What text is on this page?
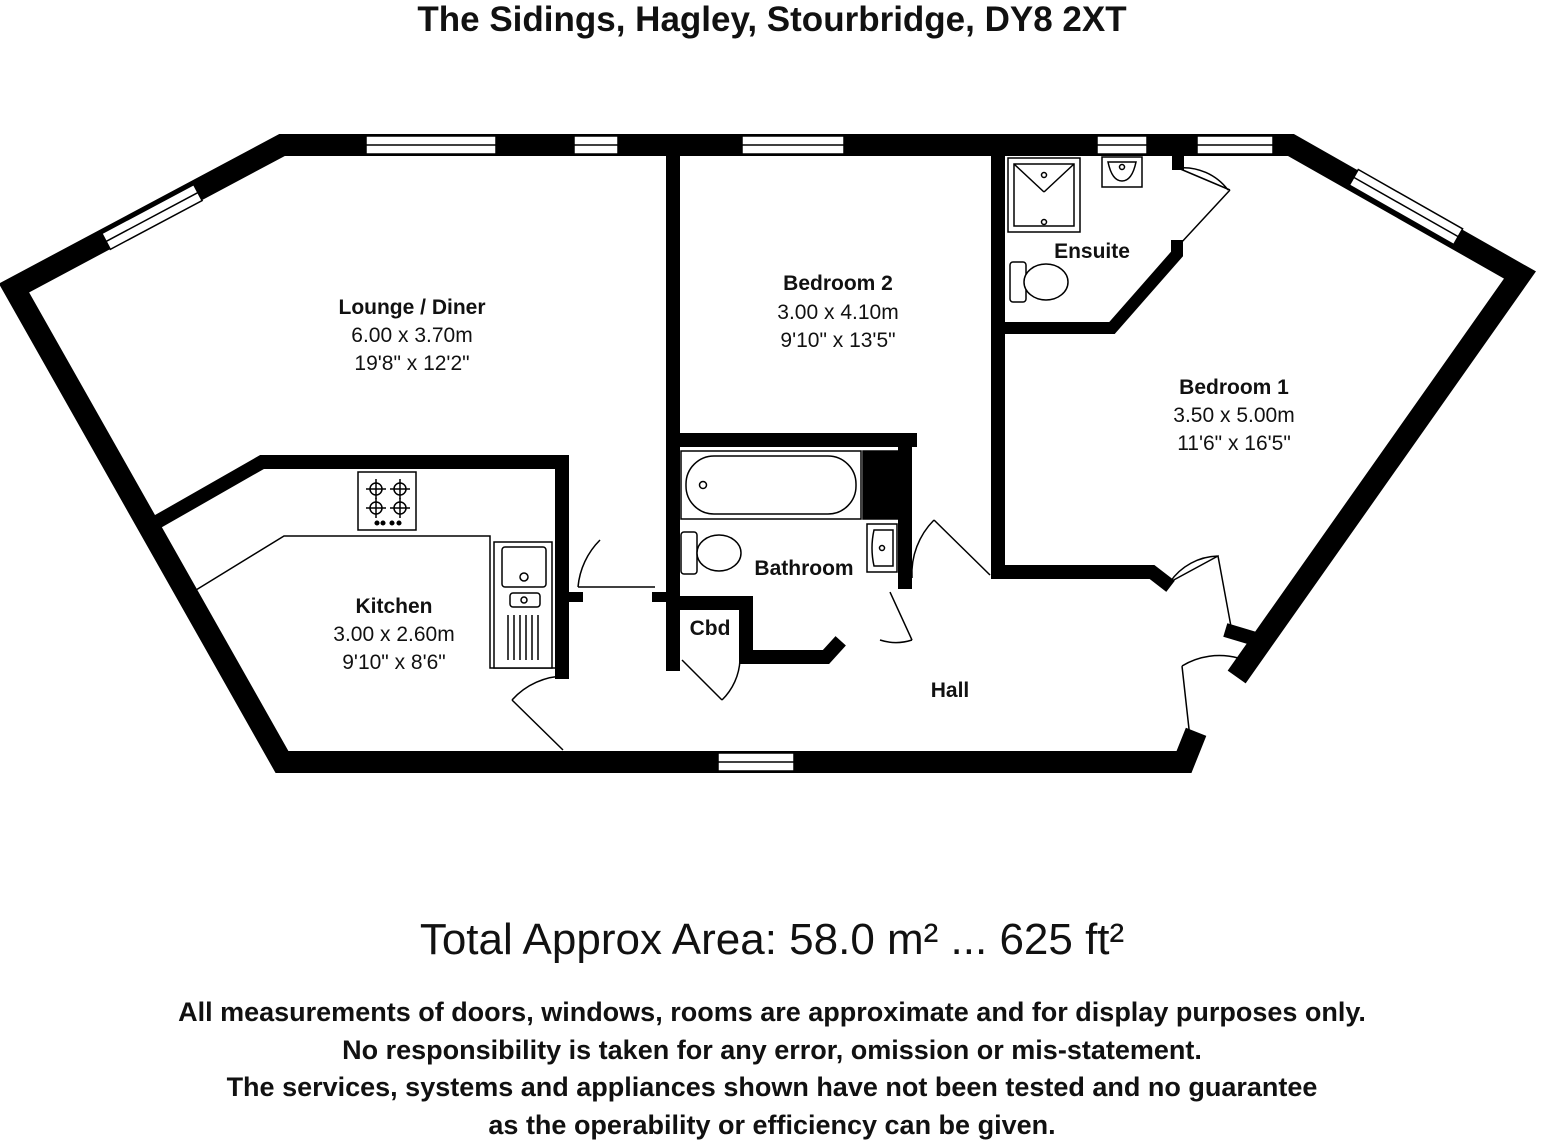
The Sidings, Hagley, Stourbridge, DY8 2XT
Lounge / Diner
6.00 x 3.70m
19'8" x 12'2"
Bedroom 2
3.00 x 4.10m
9'10" x 13'5"
Bedroom 1
3.50 x 5.00m
11'6" x 16'5"
Ensuite
Kitchen
3.00 x 2.60m
9'10" x 8'6"
Bathroom
Cbd
Hall
Total Approx Area: 58.0 m² ... 625 ft²
All measurements of doors, windows, rooms are approximate and for display purposes only.
No responsibility is taken for any error, omission or mis-statement.
The services, systems and appliances shown have not been tested and no guarantee
as the operability or efficiency can be given.
